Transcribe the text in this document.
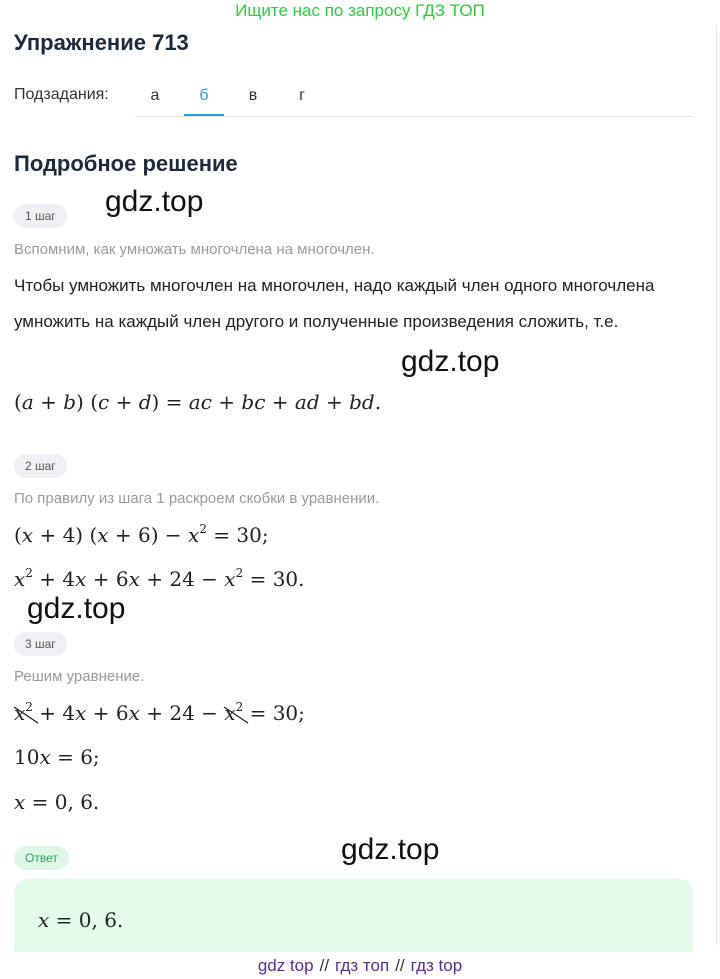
Ищите нас по запросу ГДЗ ТОП
Упражнение 713
Подзадания:	а	б	в	г
Подробное решение
gdz.top
gdz.top
gdz.top
gdz.top
1 шаг
Вспомним, как умножать многочлена на многочлен.
Чтобы умножить многочлен на многочлен, надо каждый член одного многочлена умножить на каждый член другого и полученные произведения сложить, т.е.
(a + b) (c + d) = ac + bc + ad + bd.
2 шаг
По правилу из шага 1 раскроем скобки в уравнении.
(x + 4) $(x + 6) - x^2 = 30$;
$x^2 + 4x + 6x + 24 - x^2 = 30$.
3 шаг
Решим уравнение.
$x^2$
+ $4x + 6x + 24 - x^2$
= 30;
10x = 6;
x = 0, 6.
Ответ
x = 0, 6.
gdz top // гдз топ // гдз top
